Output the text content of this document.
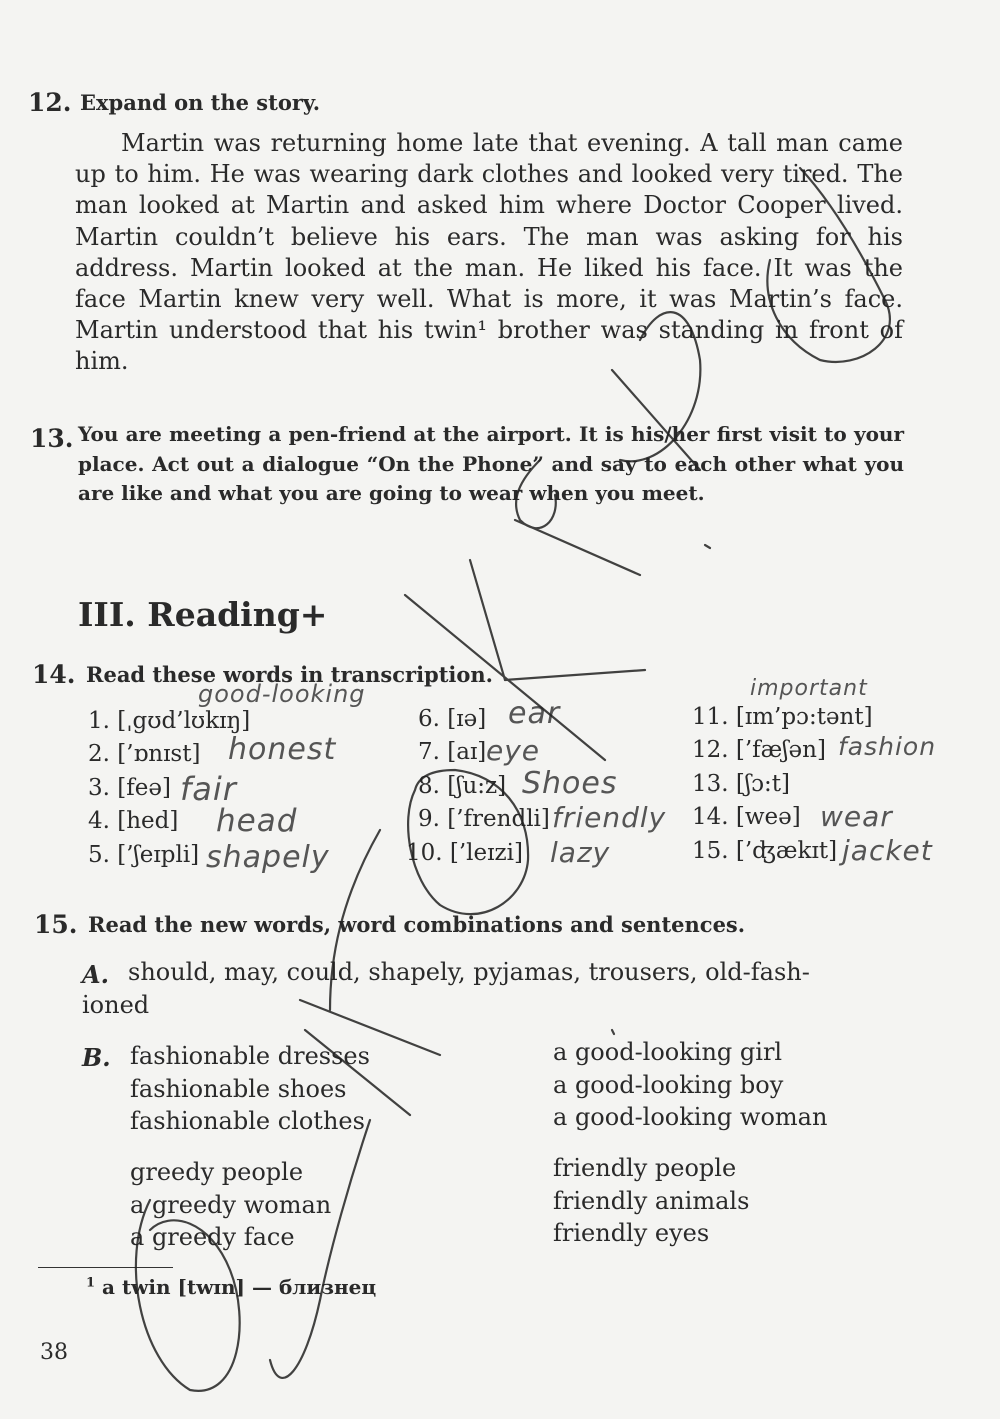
12. Expand on the story.
Martin was returning home late that evening. A tall man came up to him. He was wearing dark clothes and looked very tired. The man looked at Martin and asked him where Doctor Cooper lived. Martin couldn’t believe his ears. The man was asking for his address. Martin looked at the man. He liked his face. It was the face Martin knew very well. What is more, it was Martin’s face. Martin understood that his twin¹ brother was standing in front of him.
13. You are meeting a pen-friend at the airport. It is his/her first visit to your place. Act out a dialogue “On the Phone” and say to each other what you are like and what you are going to wear when you meet.
III. Reading+
14. Read these words in transcription.
1. [ˌgʊd’lʊkɪŋ]
2. [’ɒnɪst]
3. [feə]
4. [hed]
5. [’ʃeɪpli]
6. [ɪə]
7. [aɪ]
8. [ʃu:z]
9. [’frendli]
10. [’leɪzi]
11. [ɪm’pɔ:tənt]
12. [’fæʃən]
13. [ʃɔ:t]
14. [weə]
15. [’ʤækɪt]
good-looking
honest
fair
head
shapely
ear
eye
Shoes
friendly
lazy
important
fashion
wear
jacket
15. Read the new words, word combinations and sentences.
A. should, may, could, shapely, pyjamas, trousers, old-fash-
ioned
B. fashionable dresses
fashionable shoes
fashionable clothes
greedy people
a greedy woman
a greedy face
a good-looking girl
a good-looking boy
a good-looking woman
friendly people
friendly animals
friendly eyes
$^1$ a twin [twɪn] — близнец
38
